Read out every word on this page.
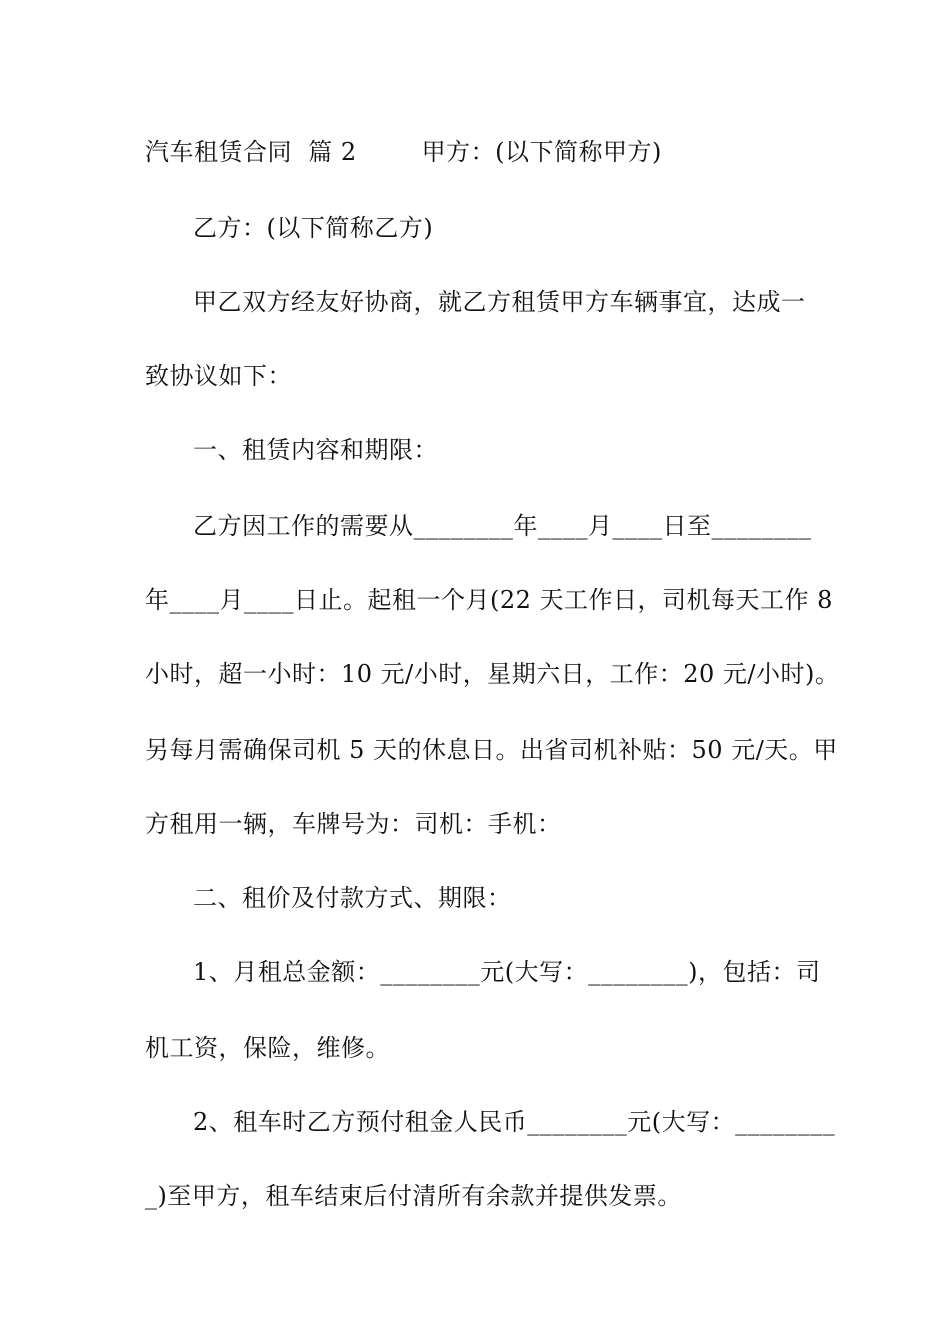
汽车租赁合同  篇 2        甲方：(以下简称甲方)
乙方：(以下简称乙方)
甲乙双方经友好协商，就乙方租赁甲方车辆事宜，达成一
致协议如下：
一、租赁内容和期限：
乙方因工作的需要从________年____月____日至________
年____月____日止。起租一个月(22 天工作日，司机每天工作 8
小时，超一小时：10 元/小时，星期六日，工作：20 元/小时)。
另每月需确保司机 5 天的休息日。出省司机补贴：50 元/天。甲
方租用一辆，车牌号为：司机：手机：
二、租价及付款方式、期限：
1、月租总金额：________元(大写：________)，包括：司
机工资，保险，维修。
2、租车时乙方预付租金人民币________元(大写：________
_)至甲方，租车结束后付清所有余款并提供发票。
